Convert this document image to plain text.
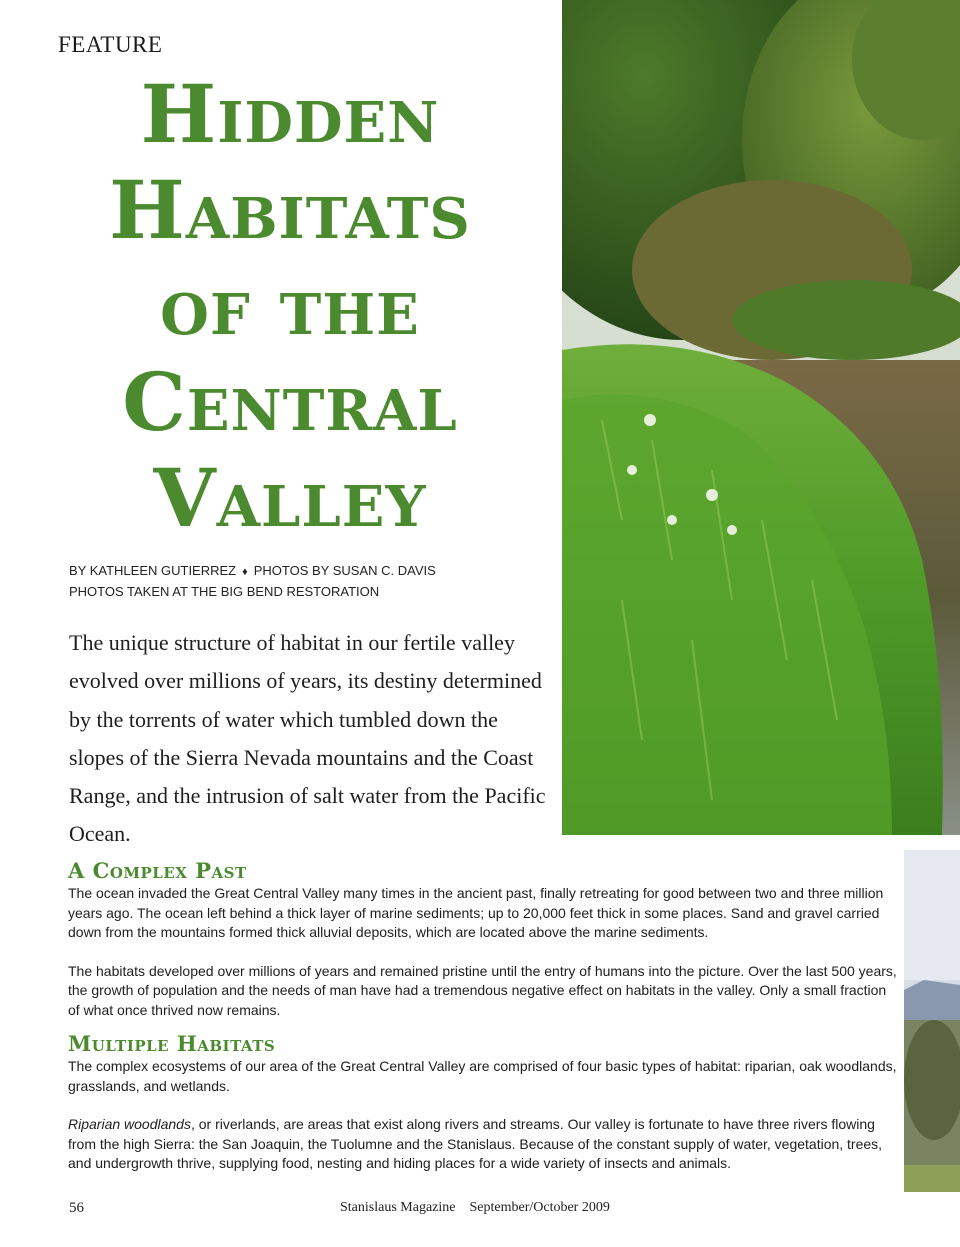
FEATURE
Hidden
Habitats
of the
Central
Valley
BY KATHLEEN GUTIERREZ ♦ PHOTOS BY SUSAN C. DAVIS
PHOTOS TAKEN AT THE BIG BEND RESTORATION

The unique structure of habitat in our fertile valley evolved over millions of years, its destiny determined by the torrents of water which tumbled down the slopes of the Sierra Nevada mountains and the Coast Range, and the intrusion of salt water from the Pacific Ocean.

A Complex Past

The ocean invaded the Great Central Valley many times in the ancient past, finally retreating for good between two and three million years ago. The ocean left behind a thick layer of marine sediments; up to 20,000 feet thick in some places. Sand and gravel carried down from the mountains formed thick alluvial deposits, which are located above the marine sediments.

The habitats developed over millions of years and remained pristine until the entry of humans into the picture. Over the last 500 years, the growth of population and the needs of man have had a tremendous negative effect on habitats in the valley. Only a small fraction of what once thrived now remains.

Multiple Habitats

The complex ecosystems of our area of the Great Central Valley are comprised of four basic types of habitat: riparian, oak woodlands, grasslands, and wetlands.

Riparian woodlands, or riverlands, are areas that exist along rivers and streams. Our valley is fortunate to have three rivers flowing from the high Sierra: the San Joaquin, the Tuolumne and the Stanislaus. Because of the constant supply of water, vegetation, trees, and undergrowth thrive, supplying food, nesting and hiding places for a wide variety of insects and animals.

56	Stanislaus Magazine September/October 2009
